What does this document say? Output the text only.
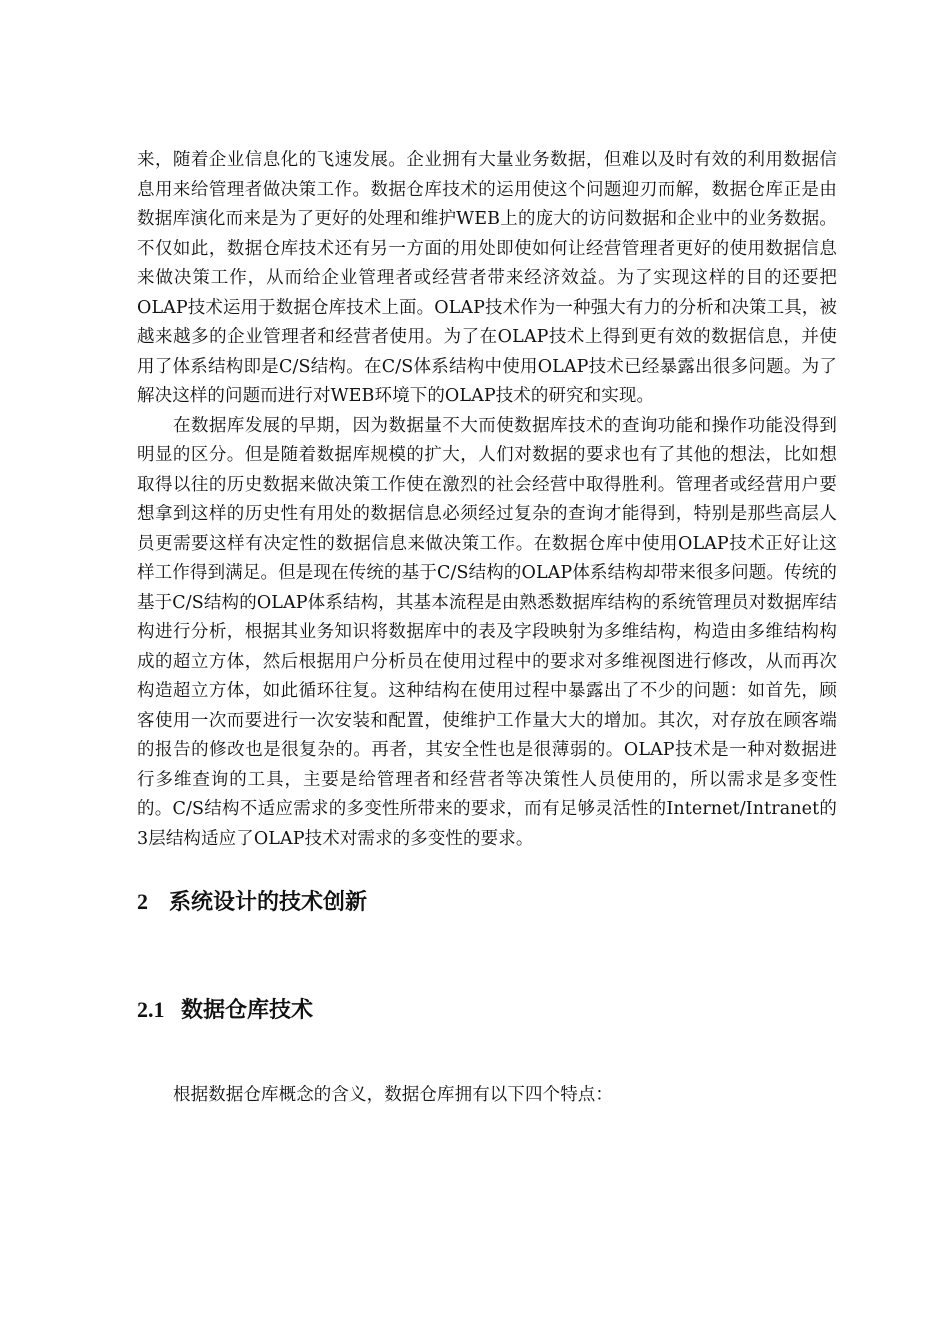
来，随着企业信息化的飞速发展。企业拥有大量业务数据，但难以及时有效的利用数据信息用来给管理者做决策工作。数据仓库技术的运用使这个问题迎刃而解，数据仓库正是由数据库演化而来是为了更好的处理和维护WEB上的庞大的访问数据和企业中的业务数据。不仅如此，数据仓库技术还有另一方面的用处即使如何让经营管理者更好的使用数据信息来做决策工作，从而给企业管理者或经营者带来经济效益。为了实现这样的目的还要把OLAP技术运用于数据仓库技术上面。OLAP技术作为一种强大有力的分析和决策工具，被越来越多的企业管理者和经营者使用。为了在OLAP技术上得到更有效的数据信息，并使用了体系结构即是C/S结构。在C/S体系结构中使用OLAP技术已经暴露出很多问题。为了解决这样的问题而进行对WEB环境下的OLAP技术的研究和实现。

在数据库发展的早期，因为数据量不大而使数据库技术的查询功能和操作功能没得到明显的区分。但是随着数据库规模的扩大，人们对数据的要求也有了其他的想法，比如想取得以往的历史数据来做决策工作使在激烈的社会经营中取得胜利。管理者或经营用户要想拿到这样的历史性有用处的数据信息必须经过复杂的查询才能得到，特别是那些高层人员更需要这样有决定性的数据信息来做决策工作。在数据仓库中使用OLAP技术正好让这样工作得到满足。但是现在传统的基于C/S结构的OLAP体系结构却带来很多问题。传统的基于C/S结构的OLAP体系结构，其基本流程是由熟悉数据库结构的系统管理员对数据库结构进行分析，根据其业务知识将数据库中的表及字段映射为多维结构，构造由多维结构构成的超立方体，然后根据用户分析员在使用过程中的要求对多维视图进行修改，从而再次构造超立方体，如此循环往复。这种结构在使用过程中暴露出了不少的问题：如首先，顾客使用一次而要进行一次安装和配置，使维护工作量大大的增加。其次，对存放在顾客端的报告的修改也是很复杂的。再者，其安全性也是很薄弱的。OLAP技术是一种对数据进行多维查询的工具，主要是给管理者和经营者等决策性人员使用的，所以需求是多变性的。C/S结构不适应需求的多变性所带来的要求，而有足够灵活性的Internet/Intranet的3层结构适应了OLAP技术对需求的多变性的要求。

2 系统设计的技术创新
2.1 数据仓库技术

根据数据仓库概念的含义，数据仓库拥有以下四个特点：
